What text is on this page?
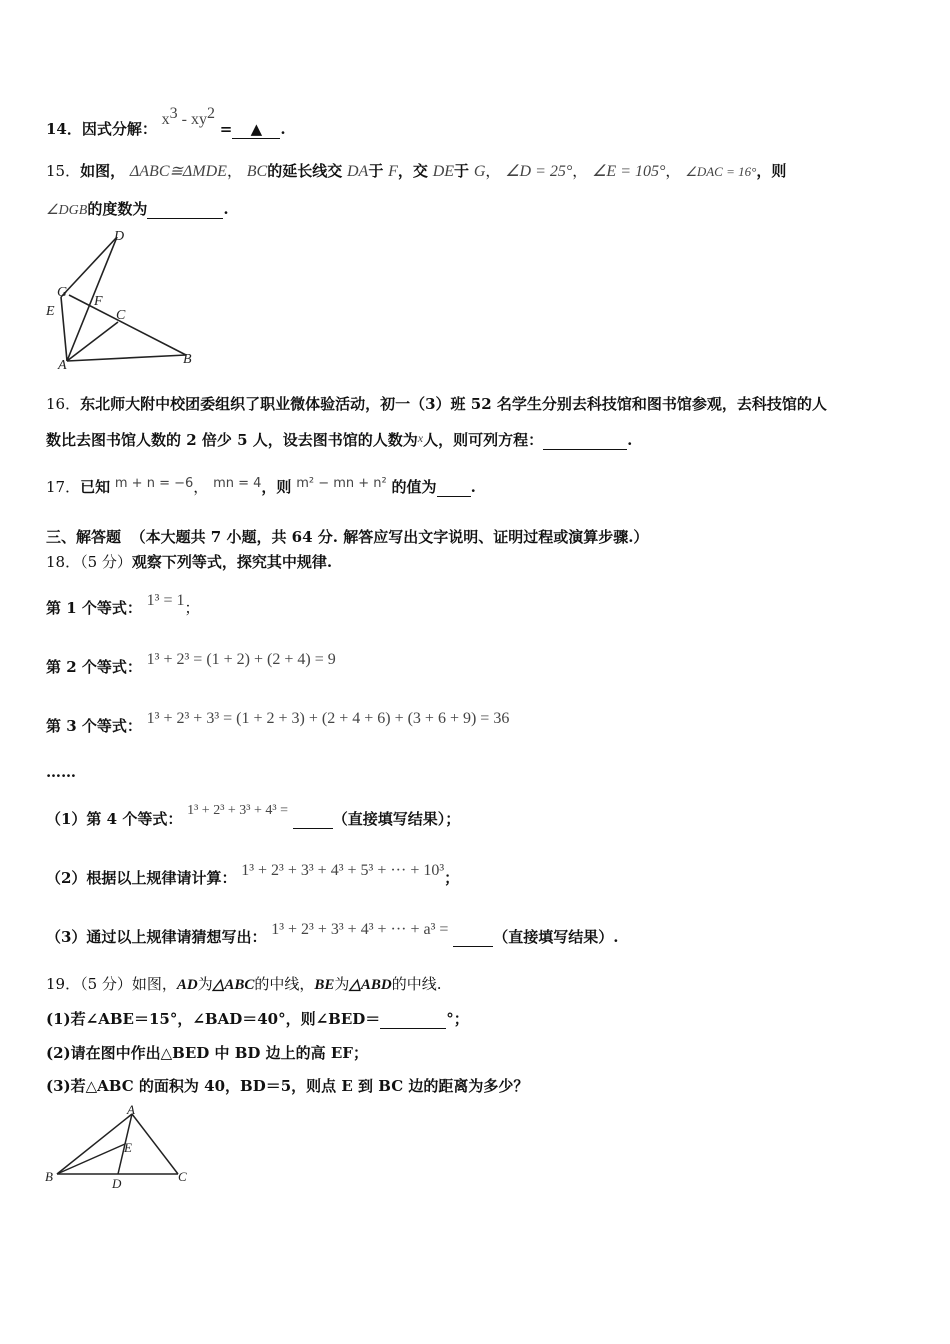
14．因式分解： $x^3 - xy^2$ = ▲ .
15．如图， ΔABC≅ΔMDE， BC的延长线交 DA于 F，交 DE于 G， ∠D = 25°， ∠E = 105°， ∠DAC = 16°，则
∠DGB的度数为	.
D
G
F
E	C
A	B
16．东北师大附中校团委组织了职业微体验活动，初一（3）班 52 名学生分别去科技馆和图书馆参观，去科技馆的人
数比去图书馆人数的 2 倍少 5 人，设去图书馆的人数为$^x$人，则可列方程：	.
17．已知 m + n = −6， mn = 4，则 m² − mn + n² 的值为 .
三、解答题 （本大题共 7 小题，共 64 分. 解答应写出文字说明、证明过程或演算步骤.）
18．（5 分）观察下列等式，探究其中规律.
第 1 个等式： 1³ = 1；
第 2 个等式： 1³ + 2³ = (1 + 2) + (2 + 4) = 9
第 3 个等式： 1³ + 2³ + 3³ = (1 + 2 + 3) + (2 + 4 + 6) + (3 + 6 + 9) = 36
……
（1）第 4 个等式： 1³ + 2³ + 3³ + 4³ =	（直接填写结果）；
（2）根据以上规律请计算： 1³ + 2³ + 3³ + 4³ + 5³ + ··· + 10³；
（3）通过以上规律请猜想写出： 1³ + 2³ + 3³ + 4³ + ··· + a³ =	（直接填写结果）.
19．（5 分）如图，AD为△ABC的中线，BE为△ABD的中线.
(1)若∠ABE＝15°，∠BAD＝40°，则∠BED＝	°；
(2)请在图中作出△BED 中 BD 边上的高 EF；
(3)若△ABC 的面积为 40，BD＝5，则点 E 到 BC 边的距离为多少？
A
E
B	D	C
